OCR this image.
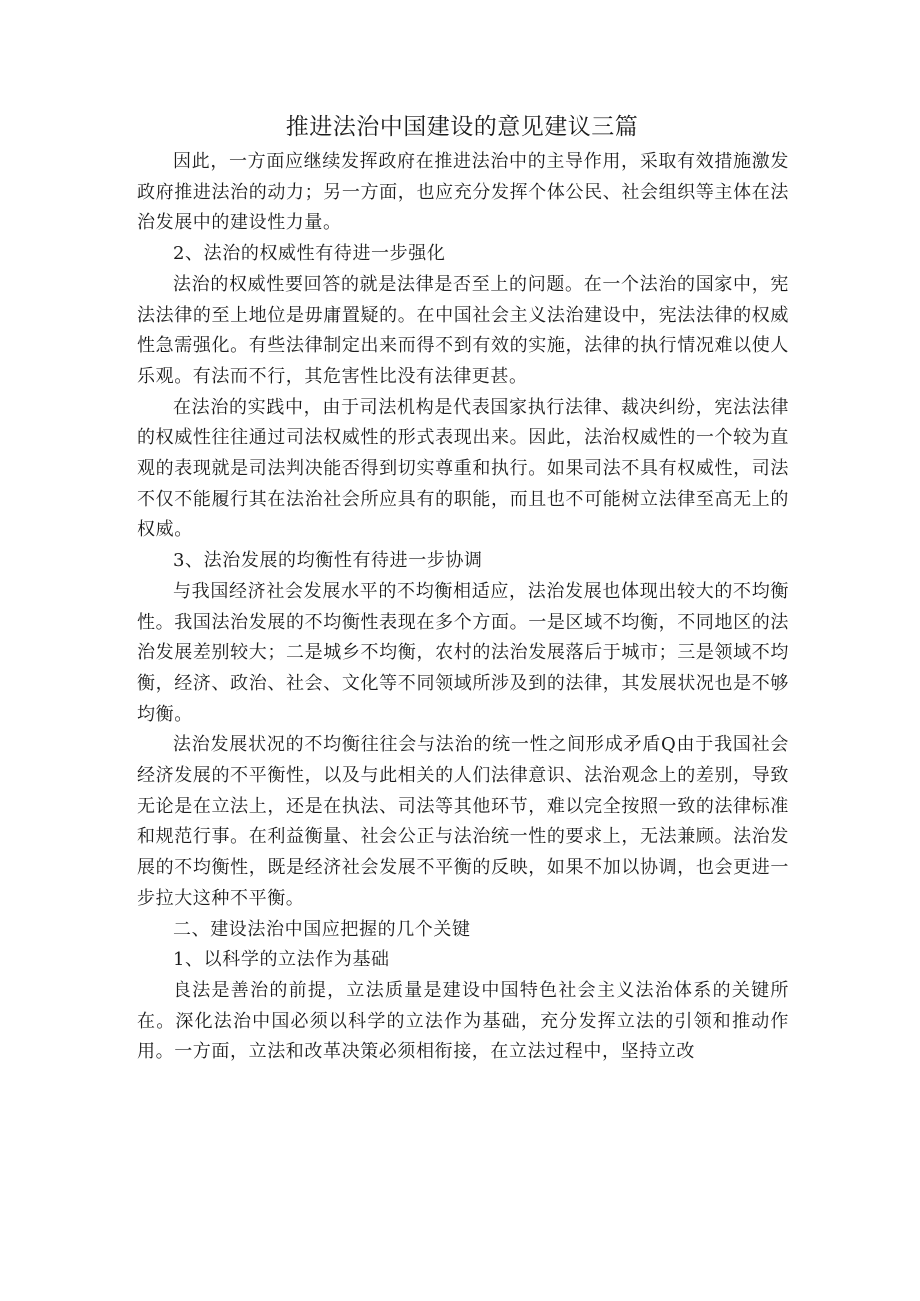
推进法治中国建设的意见建议三篇

因此，一方面应继续发挥政府在推进法治中的主导作用，采取有效措施激发政府推进法治的动力；另一方面，也应充分发挥个体公民、社会组织等主体在法治发展中的建设性力量。

2、法治的权威性有待进一步强化

法治的权威性要回答的就是法律是否至上的问题。在一个法治的国家中，宪法法律的至上地位是毋庸置疑的。在中国社会主义法治建设中，宪法法律的权威性急需强化。有些法律制定出来而得不到有效的实施，法律的执行情况难以使人乐观。有法而不行，其危害性比没有法律更甚。

在法治的实践中，由于司法机构是代表国家执行法律、裁决纠纷，宪法法律的权威性往往通过司法权威性的形式表现出来。因此，法治权威性的一个较为直观的表现就是司法判决能否得到切实尊重和执行。如果司法不具有权威性，司法不仅不能履行其在法治社会所应具有的职能，而且也不可能树立法律至高无上的权威。

3、法治发展的均衡性有待进一步协调

与我国经济社会发展水平的不均衡相适应，法治发展也体现出较大的不均衡性。我国法治发展的不均衡性表现在多个方面。一是区域不均衡，不同地区的法治发展差别较大；二是城乡不均衡，农村的法治发展落后于城市；三是领域不均衡，经济、政治、社会、文化等不同领域所涉及到的法律，其发展状况也是不够均衡。

法治发展状况的不均衡往往会与法治的统一性之间形成矛盾Q由于我国社会经济发展的不平衡性，以及与此相关的人们法律意识、法治观念上的差别，导致无论是在立法上，还是在执法、司法等其他环节，难以完全按照一致的法律标准和规范行事。在利益衡量、社会公正与法治统一性的要求上，无法兼顾。法治发展的不均衡性，既是经济社会发展不平衡的反映，如果不加以协调，也会更进一步拉大这种不平衡。

二、建设法治中国应把握的几个关键

1、以科学的立法作为基础

良法是善治的前提，立法质量是建设中国特色社会主义法治体系的关键所在。深化法治中国必须以科学的立法作为基础，充分发挥立法的引领和推动作用。一方面，立法和改革决策必须相衔接，在立法过程中，坚持立改
